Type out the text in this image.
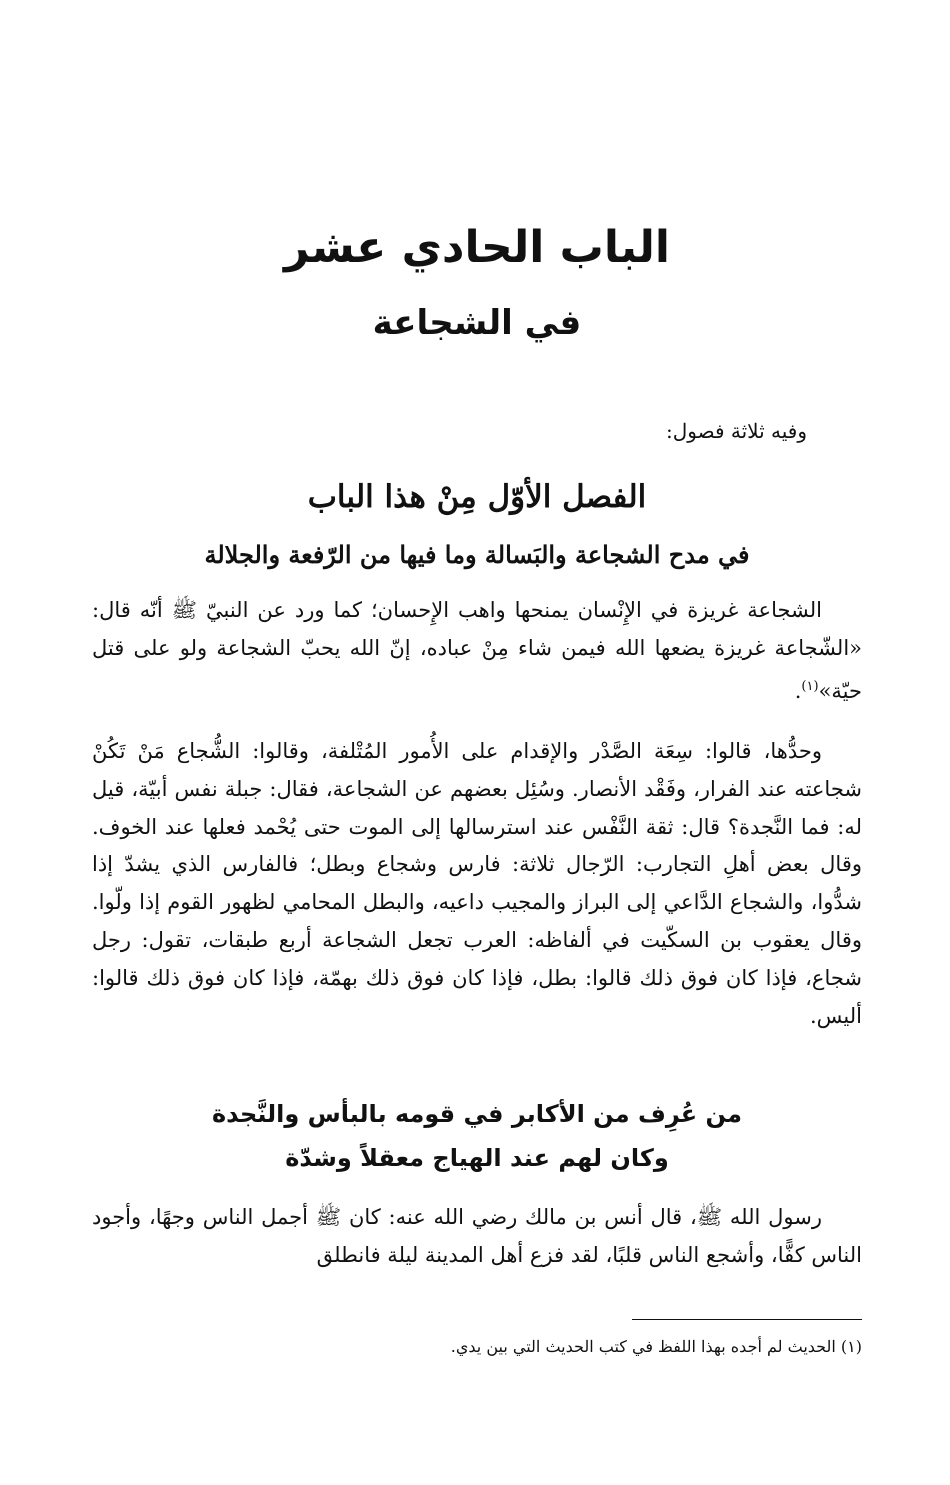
الباب الحادي عشر
في الشجاعة
وفيه ثلاثة فصول:
الفصل الأوّل مِنْ هذا الباب
في مدح الشجاعة والبَسالة وما فيها من الرّفعة والجلالة

الشجاعة غريزة في الإِنْسان يمنحها واهب الإِحسان؛ كما ورد عن النبيّ ﷺ أنّه قال: «الشّجاعة غريزة يضعها الله فيمن شاء مِنْ عباده، إنّ الله يحبّ الشجاعة ولو على قتل حيّة»$^{(١)}$.

وحدُّها، قالوا: سِعَة الصَّدْر والإقدام على الأُمور المُتْلفة، وقالوا: الشُّجاع مَنْ تَكُنْ شجاعته عند الفرار، وفَقْد الأنصار. وسُئِل بعضهم عن الشجاعة، فقال: جبلة نفس أبيّة، قيل له: فما النَّجدة؟ قال: ثقة النَّفْس عند استرسالها إلى الموت حتى يُحْمد فعلها عند الخوف. وقال بعض أهلِ التجارب: الرّجال ثلاثة: فارس وشجاع وبطل؛ فالفارس الذي يشدّ إذا شدُّوا، والشجاع الدَّاعي إلى البراز والمجيب داعيه، والبطل المحامي لظهور القوم إذا ولّوا. وقال يعقوب بن السكّيت في ألفاظه: العرب تجعل الشجاعة أربع طبقات، تقول: رجل شجاع، فإذا كان فوق ذلك قالوا: بطل، فإذا كان فوق ذلك بهمّة، فإذا كان فوق ذلك قالوا: أليس.

من عُرِف من الأكابر في قومه بالبأس والنَّجدة
وكان لهم عند الهياج معقلاً وشدّة

رسول الله ﷺ، قال أنس بن مالك رضي الله عنه: كان ﷺ أجمل الناس وجهًا، وأجود الناس كفًّا، وأشجع الناس قلبًا، لقد فزع أهل المدينة ليلة فانطلق

(١) الحديث لم أجده بهذا اللفظ في كتب الحديث التي بين يدي.
